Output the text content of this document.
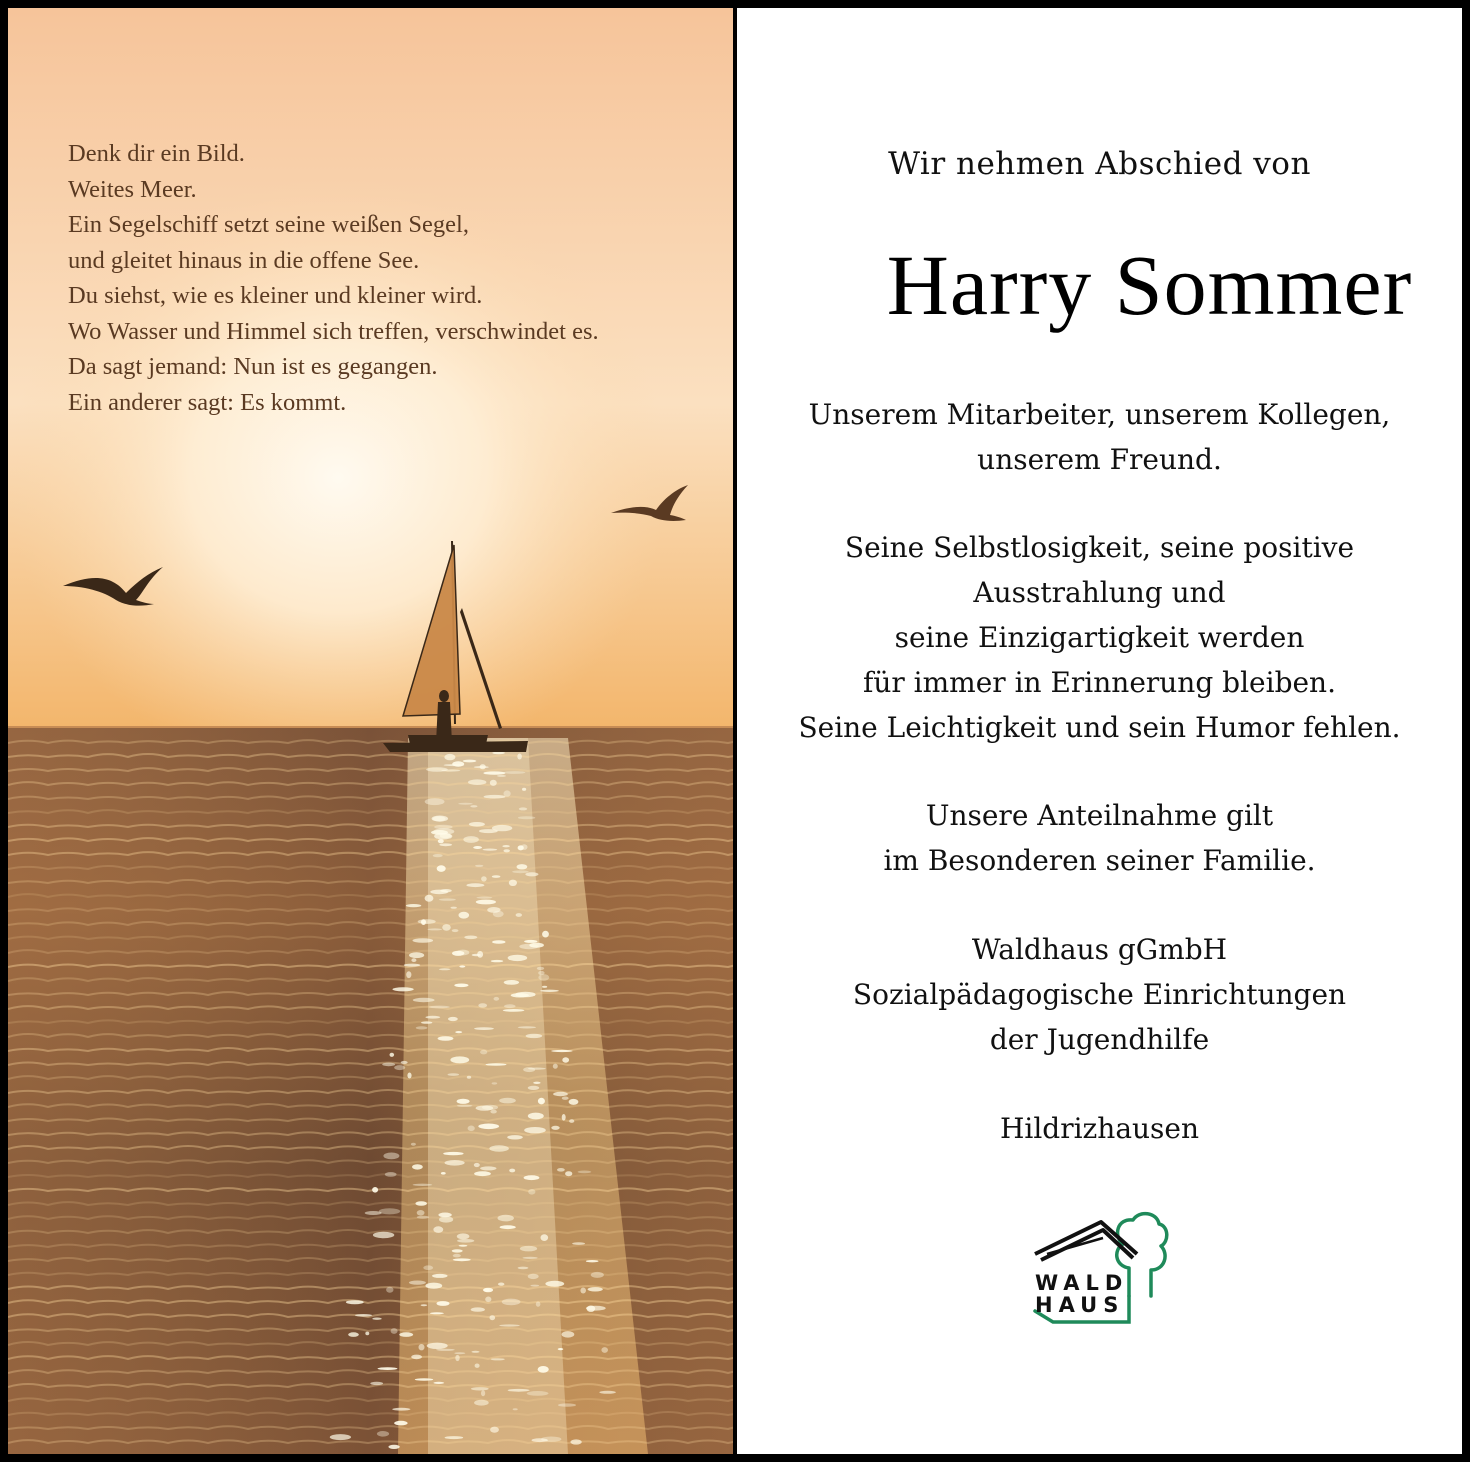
Denk dir ein Bild.
Weites Meer.
Ein Segelschiff setzt seine weißen Segel,
und gleitet hinaus in die offene See.
Du siehst, wie es kleiner und kleiner wird.
Wo Wasser und Himmel sich treffen, verschwindet es.
Da sagt jemand: Nun ist es gegangen.
Ein anderer sagt: Es kommt.
Wir nehmen Abschied von
Harry Sommer
Unserem Mitarbeiter, unserem Kollegen,
unserem Freund.
Seine Selbstlosigkeit, seine positive
Ausstrahlung und
seine Einzigartigkeit werden
für immer in Erinnerung bleiben.
Seine Leichtigkeit und sein Humor fehlen.
Unsere Anteilnahme gilt
im Besonderen seiner Familie.
Waldhaus gGmbH
Sozialpädagogische Einrichtungen
der Jugendhilfe
Hildrizhausen
WALD
HAUS
